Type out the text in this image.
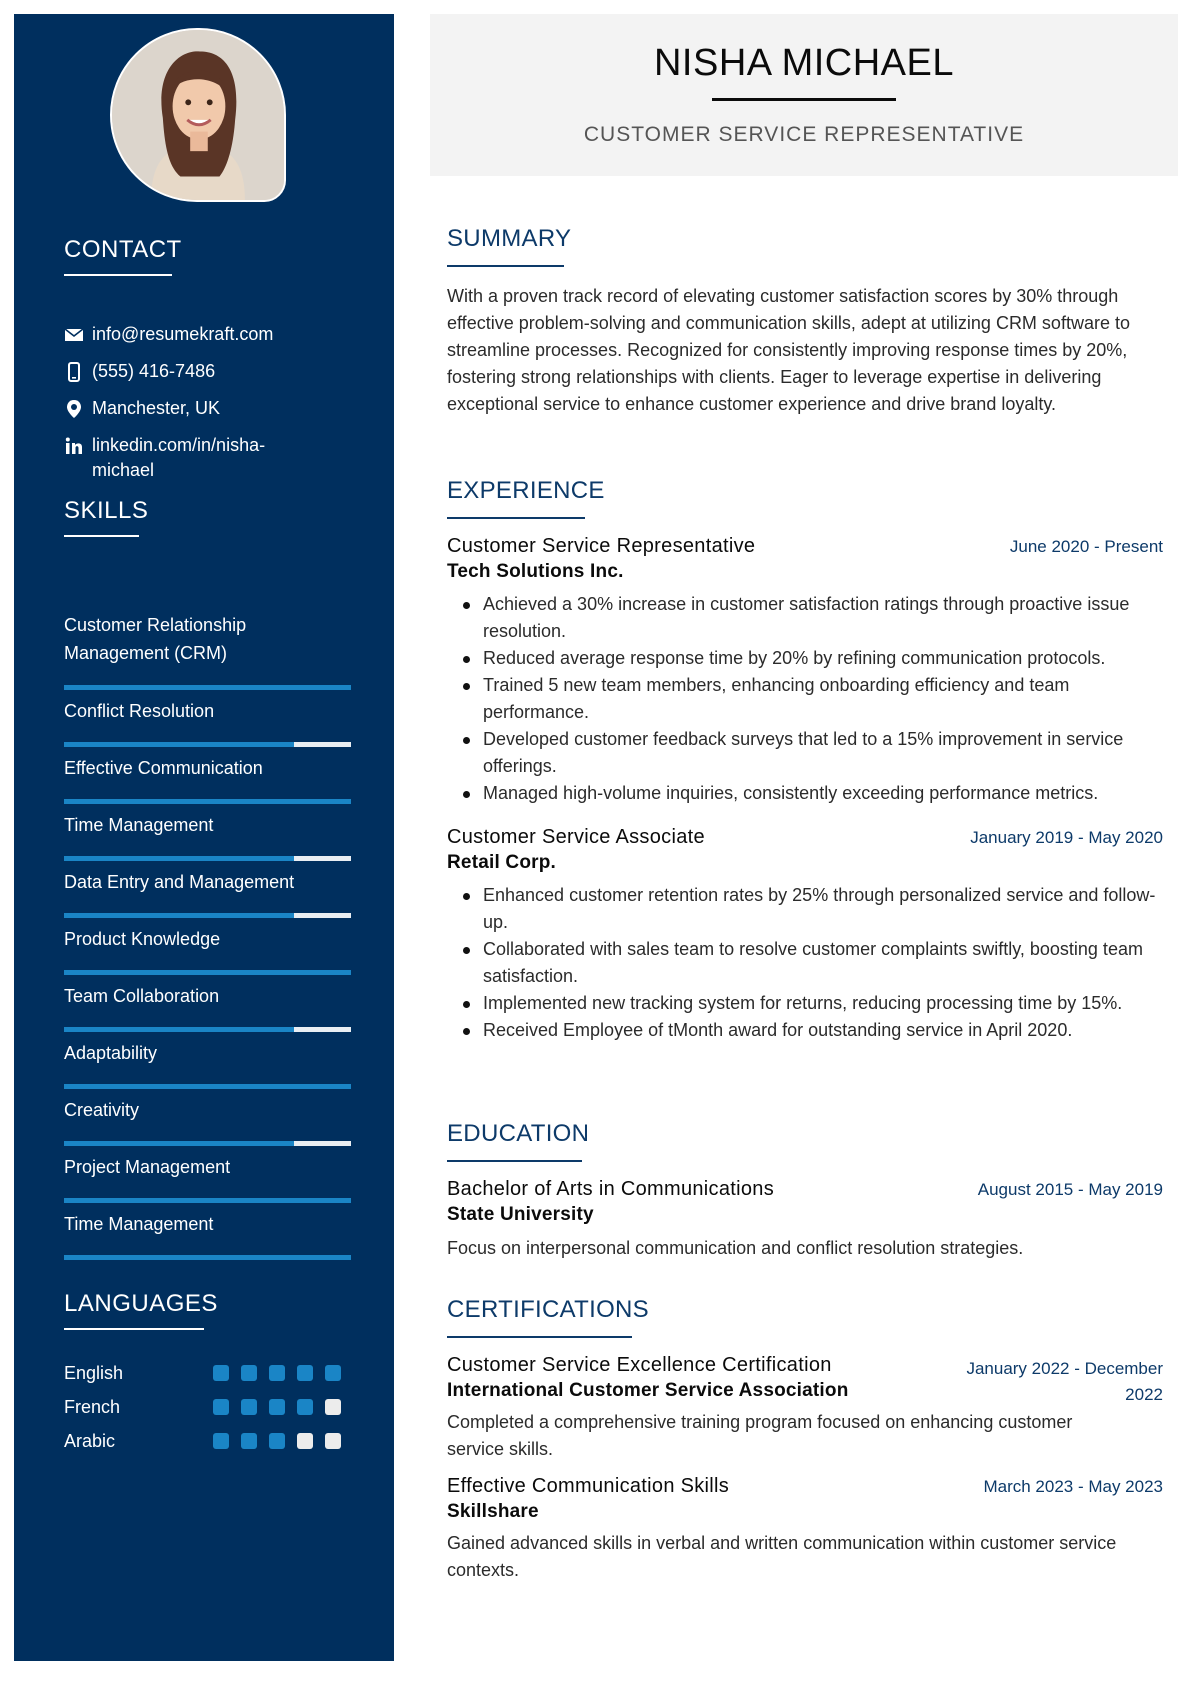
CONTACT
info@resumekraft.com
(555) 416-7486
Manchester, UK
linkedin.com/in/nisha-
michael
SKILLS
Customer Relationship
Management (CRM)
Conflict Resolution
Effective Communication
Time Management
Data Entry and Management
Product Knowledge
Team Collaboration
Adaptability
Creativity
Project Management
Time Management
LANGUAGES
English
French
Arabic
NISHA MICHAEL
CUSTOMER SERVICE REPRESENTATIVE
SUMMARY

With a proven track record of elevating customer satisfaction scores by 30% through effective problem-solving and communication skills, adept at utilizing CRM software to streamline processes. Recognized for consistently improving response times by 20%, fostering strong relationships with clients. Eager to leverage expertise in delivering exceptional service to enhance customer experience and drive brand loyalty.

EXPERIENCE
Customer Service Representative	June 2020 - Present
Tech Solutions Inc.
Achieved a 30% increase in customer satisfaction ratings through proactive issue resolution.
Reduced average response time by 20% by refining communication protocols.
Trained 5 new team members, enhancing onboarding efficiency and team performance.
Developed customer feedback surveys that led to a 15% improvement in service offerings.
Managed high-volume inquiries, consistently exceeding performance metrics.
Customer Service Associate	January 2019 - May 2020
Retail Corp.
Enhanced customer retention rates by 25% through personalized service and follow-up.
Collaborated with sales team to resolve customer complaints swiftly, boosting team satisfaction.
Implemented new tracking system for returns, reducing processing time by 15%.
Received Employee of tMonth award for outstanding service in April 2020.
EDUCATION
Bachelor of Arts in Communications	August 2015 - May 2019
State University

Focus on interpersonal communication and conflict resolution strategies.

CERTIFICATIONS
Customer Service Excellence Certification	January 2022 - December
2022
International Customer Service Association

Completed a comprehensive training program focused on enhancing customer service skills.

Effective Communication Skills	March 2023 - May 2023
Skillshare

Gained advanced skills in verbal and written communication within customer service contexts.
